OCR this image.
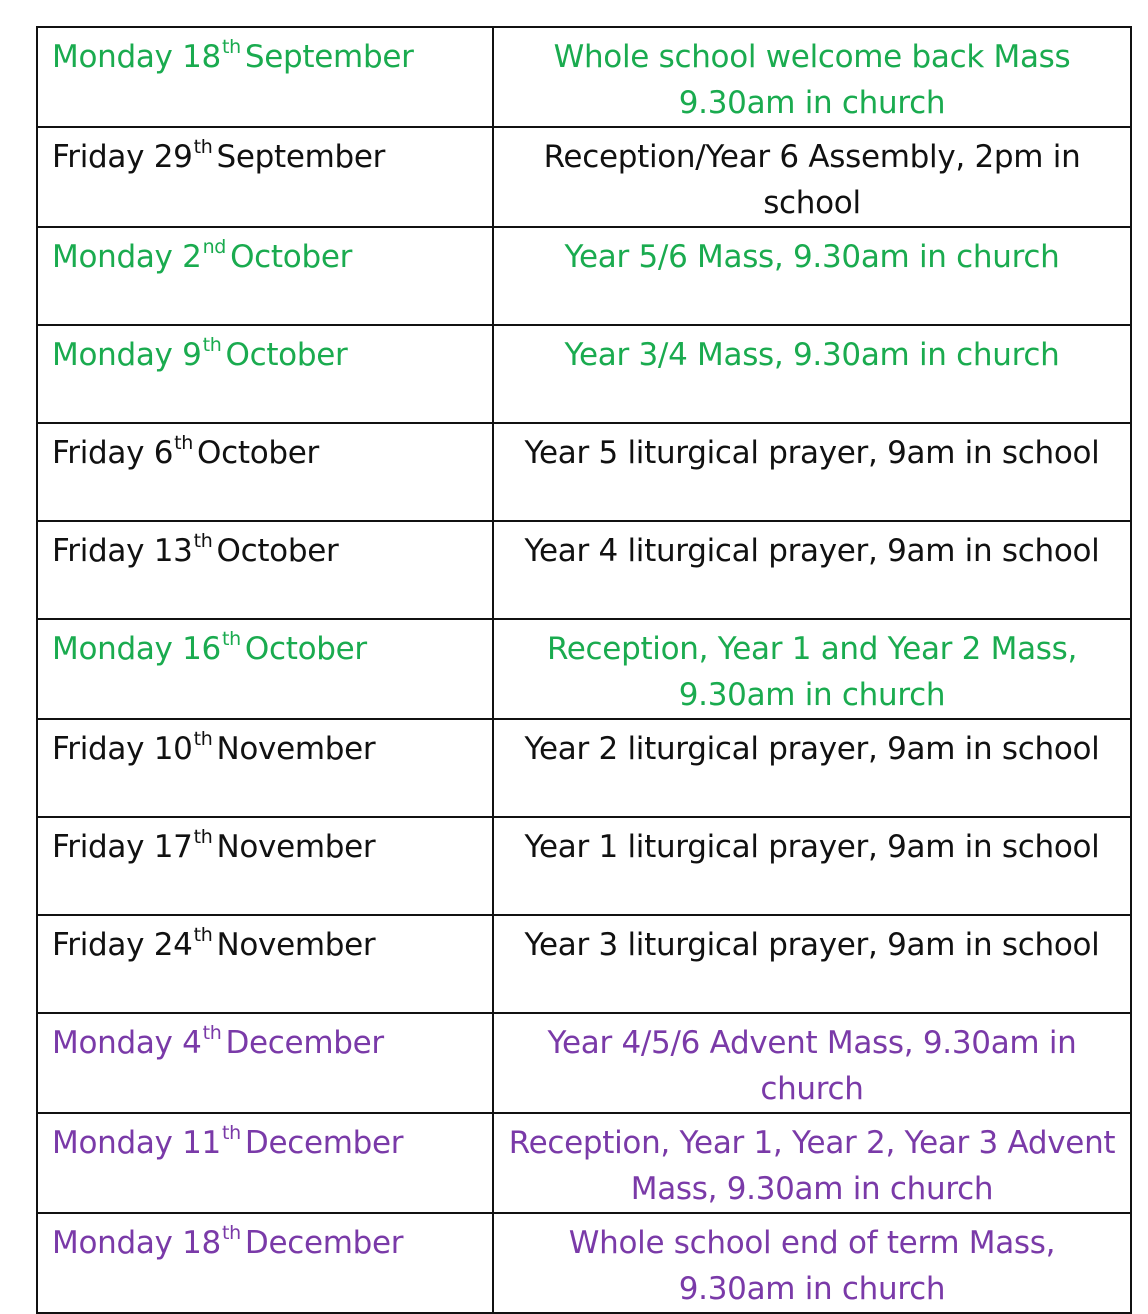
Monday 18th September	Whole school welcome back Mass 9.30am in church
Friday 29th September	Reception/Year 6 Assembly, 2pm in school
Monday 2nd October	Year 5/6 Mass, 9.30am in church
Monday 9th October	Year 3/4 Mass, 9.30am in church
Friday 6th October	Year 5 liturgical prayer, 9am in school
Friday 13th October	Year 4 liturgical prayer, 9am in school
Monday 16th October	Reception, Year 1 and Year 2 Mass, 9.30am in church
Friday 10th November	Year 2 liturgical prayer, 9am in school
Friday 17th November	Year 1 liturgical prayer, 9am in school
Friday 24th November	Year 3 liturgical prayer, 9am in school
Monday 4th December	Year 4/5/6 Advent Mass, 9.30am in church
Monday 11th December	Reception, Year 1, Year 2, Year 3 Advent Mass, 9.30am in church
Monday 18th December	Whole school end of term Mass, 9.30am in church
